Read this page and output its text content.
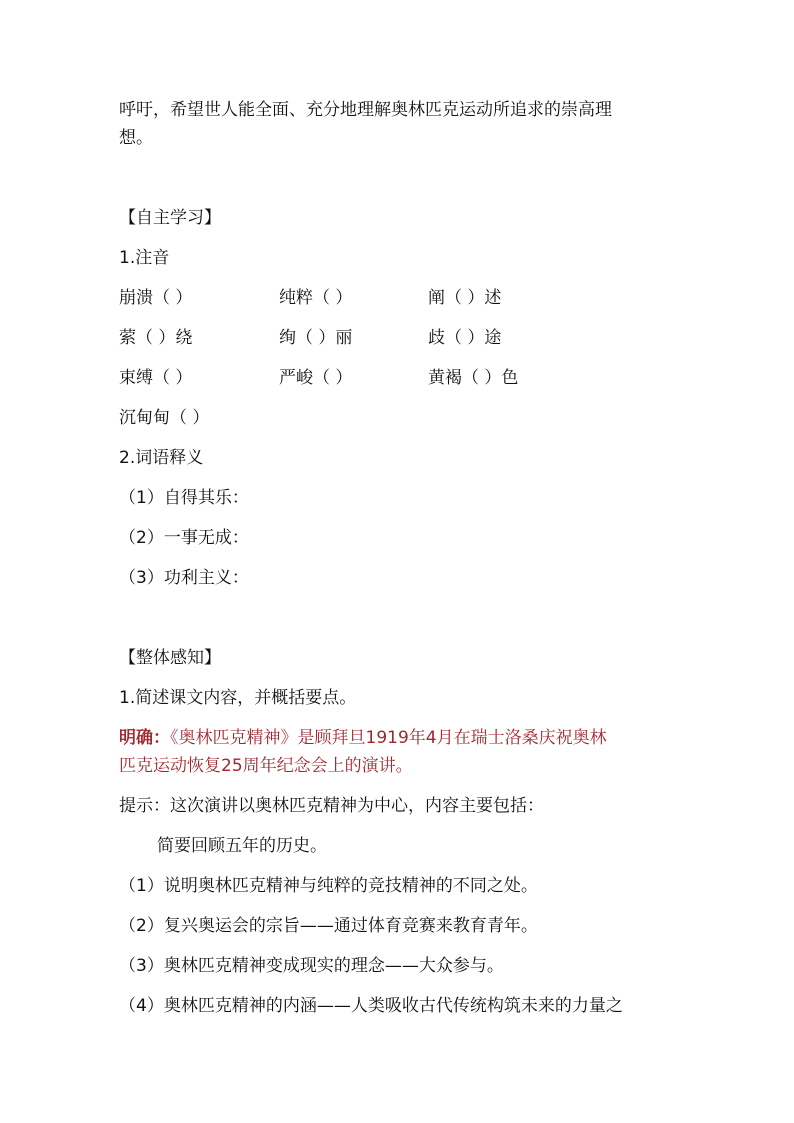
呼吁，希望世人能全面、充分地理解奥林匹克运动所追求的崇高理

想。

【自主学习】

1.注音

崩溃（ ）	纯粹（ ）	阐（ ）述
萦（ ）绕	绚（ ）丽	歧（ ）途
束缚（ ）	严峻（ ）	黄褐（ ）色

沉甸甸（ ）

2.词语释义

（1）自得其乐：

（2）一事无成：

（3）功利主义：

【整体感知】

1.简述课文内容，并概括要点。

明确：《奥林匹克精神》是顾拜旦1919年4月在瑞士洛桑庆祝奥林

匹克运动恢复25周年纪念会上的演讲。

提示：这次演讲以奥林匹克精神为中心，内容主要包括：

简要回顾五年的历史。

（1）说明奥林匹克精神与纯粹的竞技精神的不同之处。

（2）复兴奥运会的宗旨——通过体育竞赛来教育青年。

（3）奥林匹克精神变成现实的理念——大众参与。

（4）奥林匹克精神的内涵——人类吸收古代传统构筑未来的力量之
